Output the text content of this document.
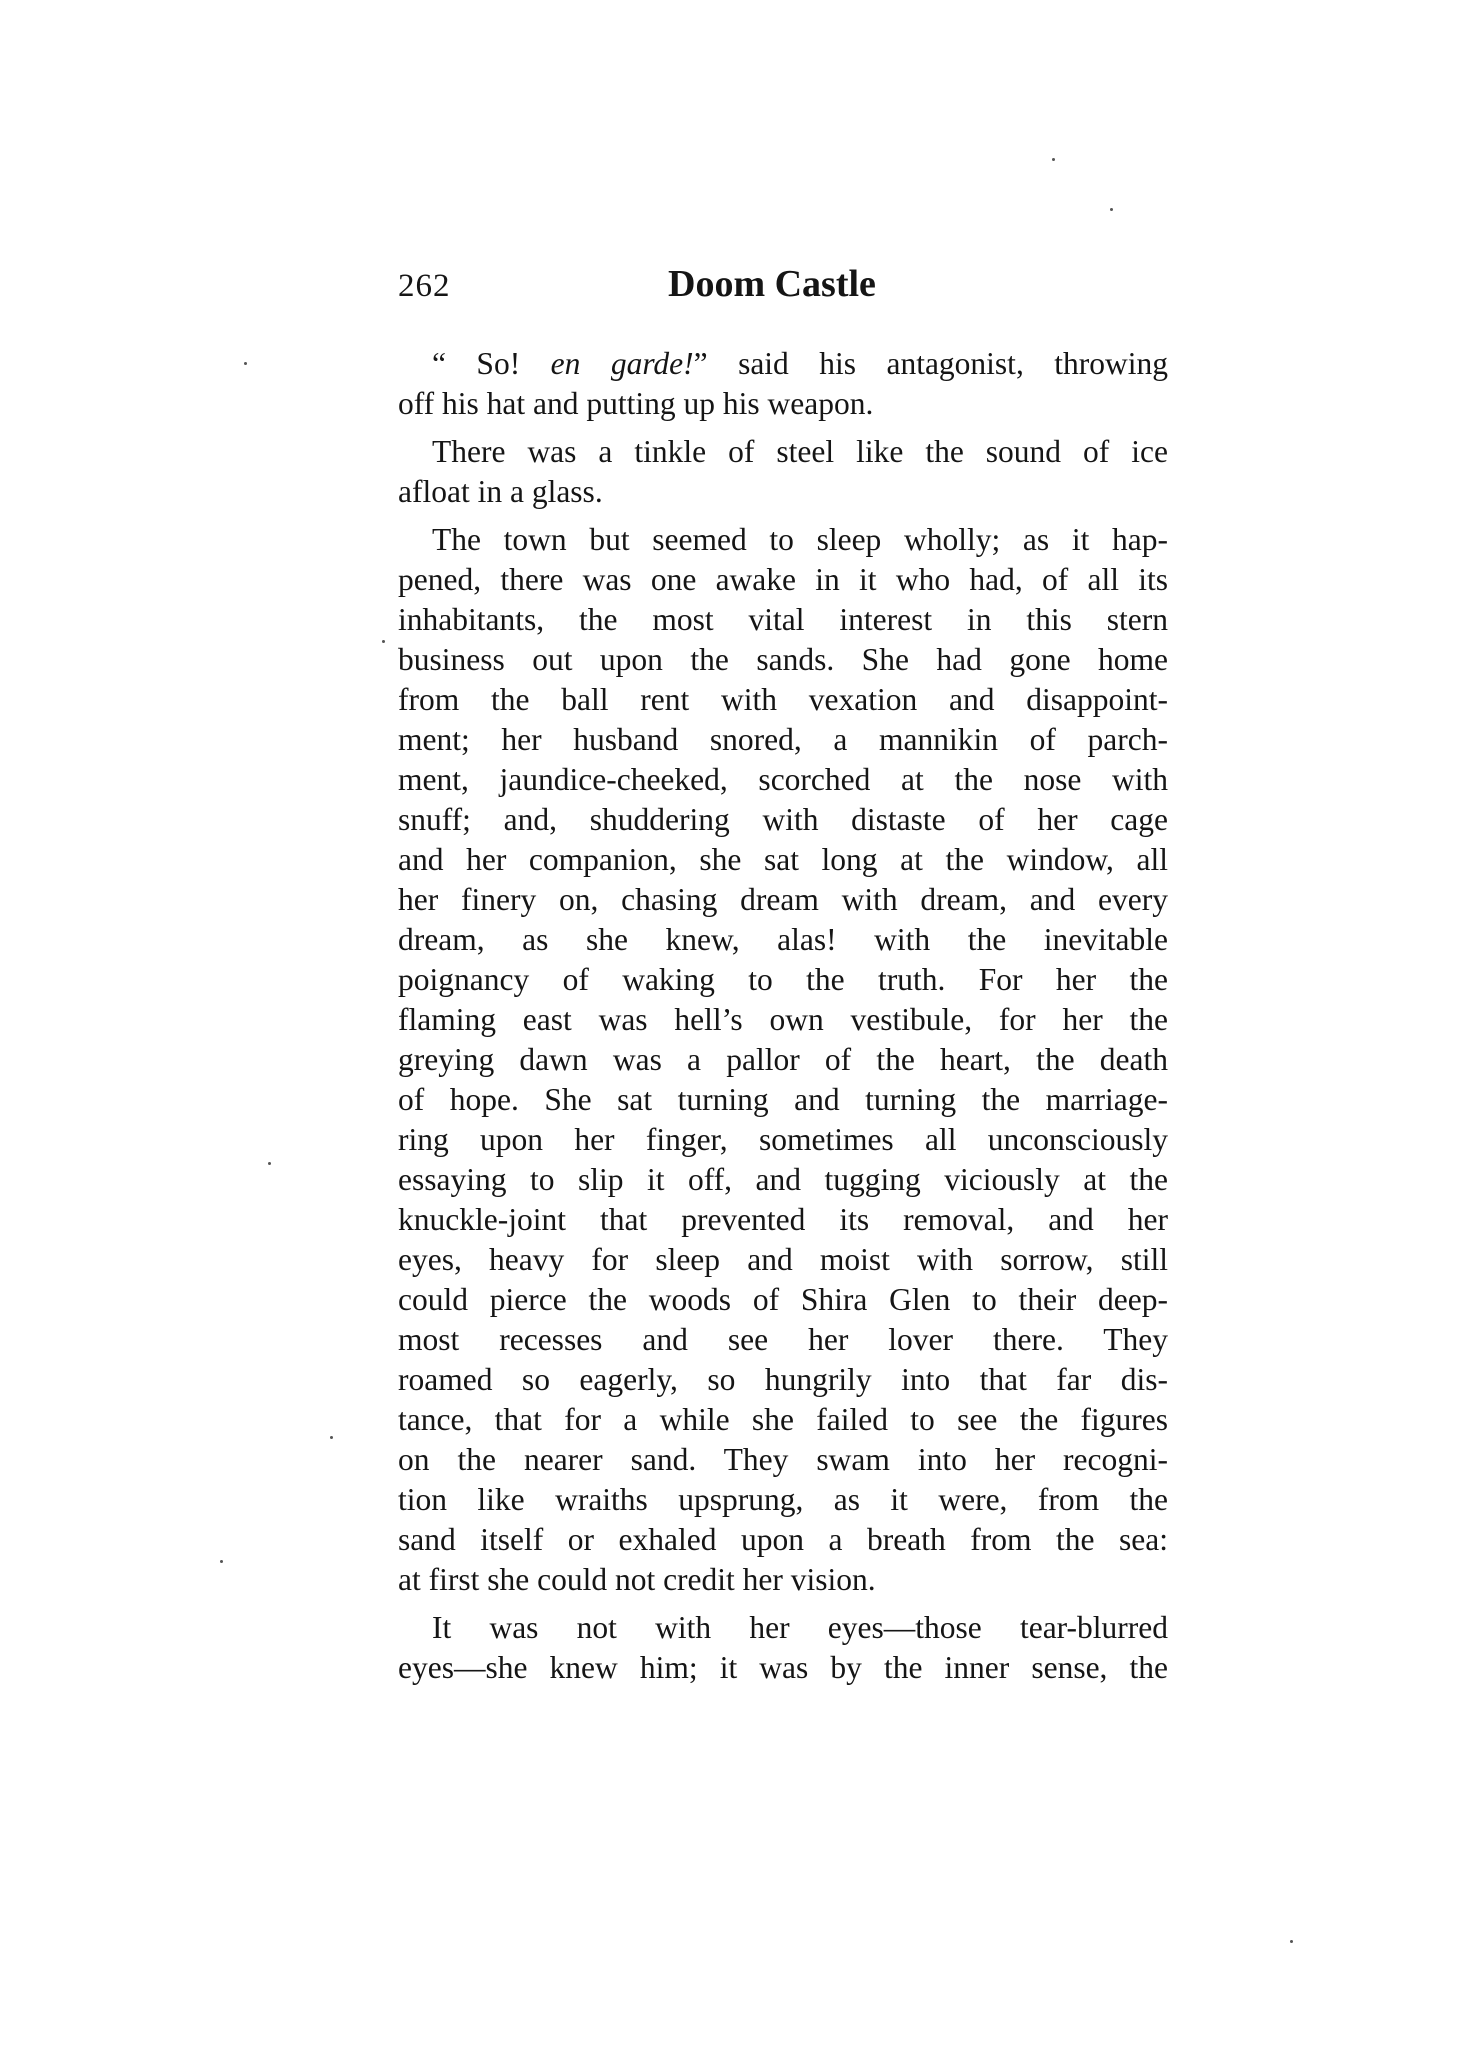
262	Doom Castle
“ So! en garde!” said his antagonist, throwing
off his hat and putting up his weapon.
There was a tinkle of steel like the sound of ice
afloat in a glass.
The town but seemed to sleep wholly; as it hap-
pened, there was one awake in it who had, of all its
inhabitants, the most vital interest in this stern
business out upon the sands. She had gone home
from the ball rent with vexation and disappoint-
ment; her husband snored, a mannikin of parch-
ment, jaundice-cheeked, scorched at the nose with
snuff; and, shuddering with distaste of her cage
and her companion, she sat long at the window, all
her finery on, chasing dream with dream, and every
dream, as she knew, alas! with the inevitable
poignancy of waking to the truth. For her the
flaming east was hell’s own vestibule, for her the
greying dawn was a pallor of the heart, the death
of hope. She sat turning and turning the marriage-
ring upon her finger, sometimes all unconsciously
essaying to slip it off, and tugging viciously at the
knuckle-joint that prevented its removal, and her
eyes, heavy for sleep and moist with sorrow, still
could pierce the woods of Shira Glen to their deep-
most recesses and see her lover there. They
roamed so eagerly, so hungrily into that far dis-
tance, that for a while she failed to see the figures
on the nearer sand. They swam into her recogni-
tion like wraiths upsprung, as it were, from the
sand itself or exhaled upon a breath from the sea:
at first she could not credit her vision.
It was not with her eyes—those tear-blurred
eyes—she knew him; it was by the inner sense, the
